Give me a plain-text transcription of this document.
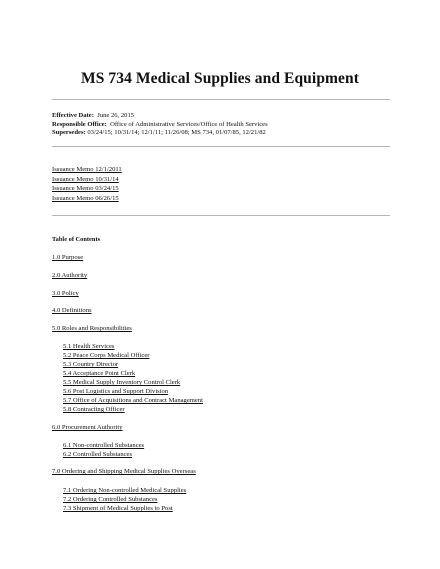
MS 734 Medical Supplies and Equipment
Effective Date: June 26, 2015
Responsible Office: Office of Administrative Services/Office of Health Services
Supersedes: 03/24/15; 10/31/14; 12/1/11; 11/26/08; MS 734, 01/07/85, 12/21/82
Issuance Memo 12/1/2011
Issuance Memo 10/31/14
Issuance Memo 03/24/15
Issuance Memo 06/26/15
Table of Contents
1.0 Purpose
2.0 Authority
3.0 Policy
4.0 Definitions
5.0 Roles and Responsibilities
5.1 Health Services
5.2 Peace Corps Medical Officer
5.3 Country Director
5.4 Acceptance Point Clerk
5.5 Medical Supply Inventory Control Clerk
5.6 Post Logistics and Support Division
5.7 Office of Acquisitions and Contract Management
5.8 Contracting Officer
6.0 Procurement Authority
6.1 Non-controlled Substances
6.2 Controlled Substances
7.0 Ordering and Shipping Medical Supplies Overseas
7.1 Ordering Non-controlled Medical Supplies
7.2 Ordering Controlled Substances
7.3 Shipment of Medical Supplies to Post
